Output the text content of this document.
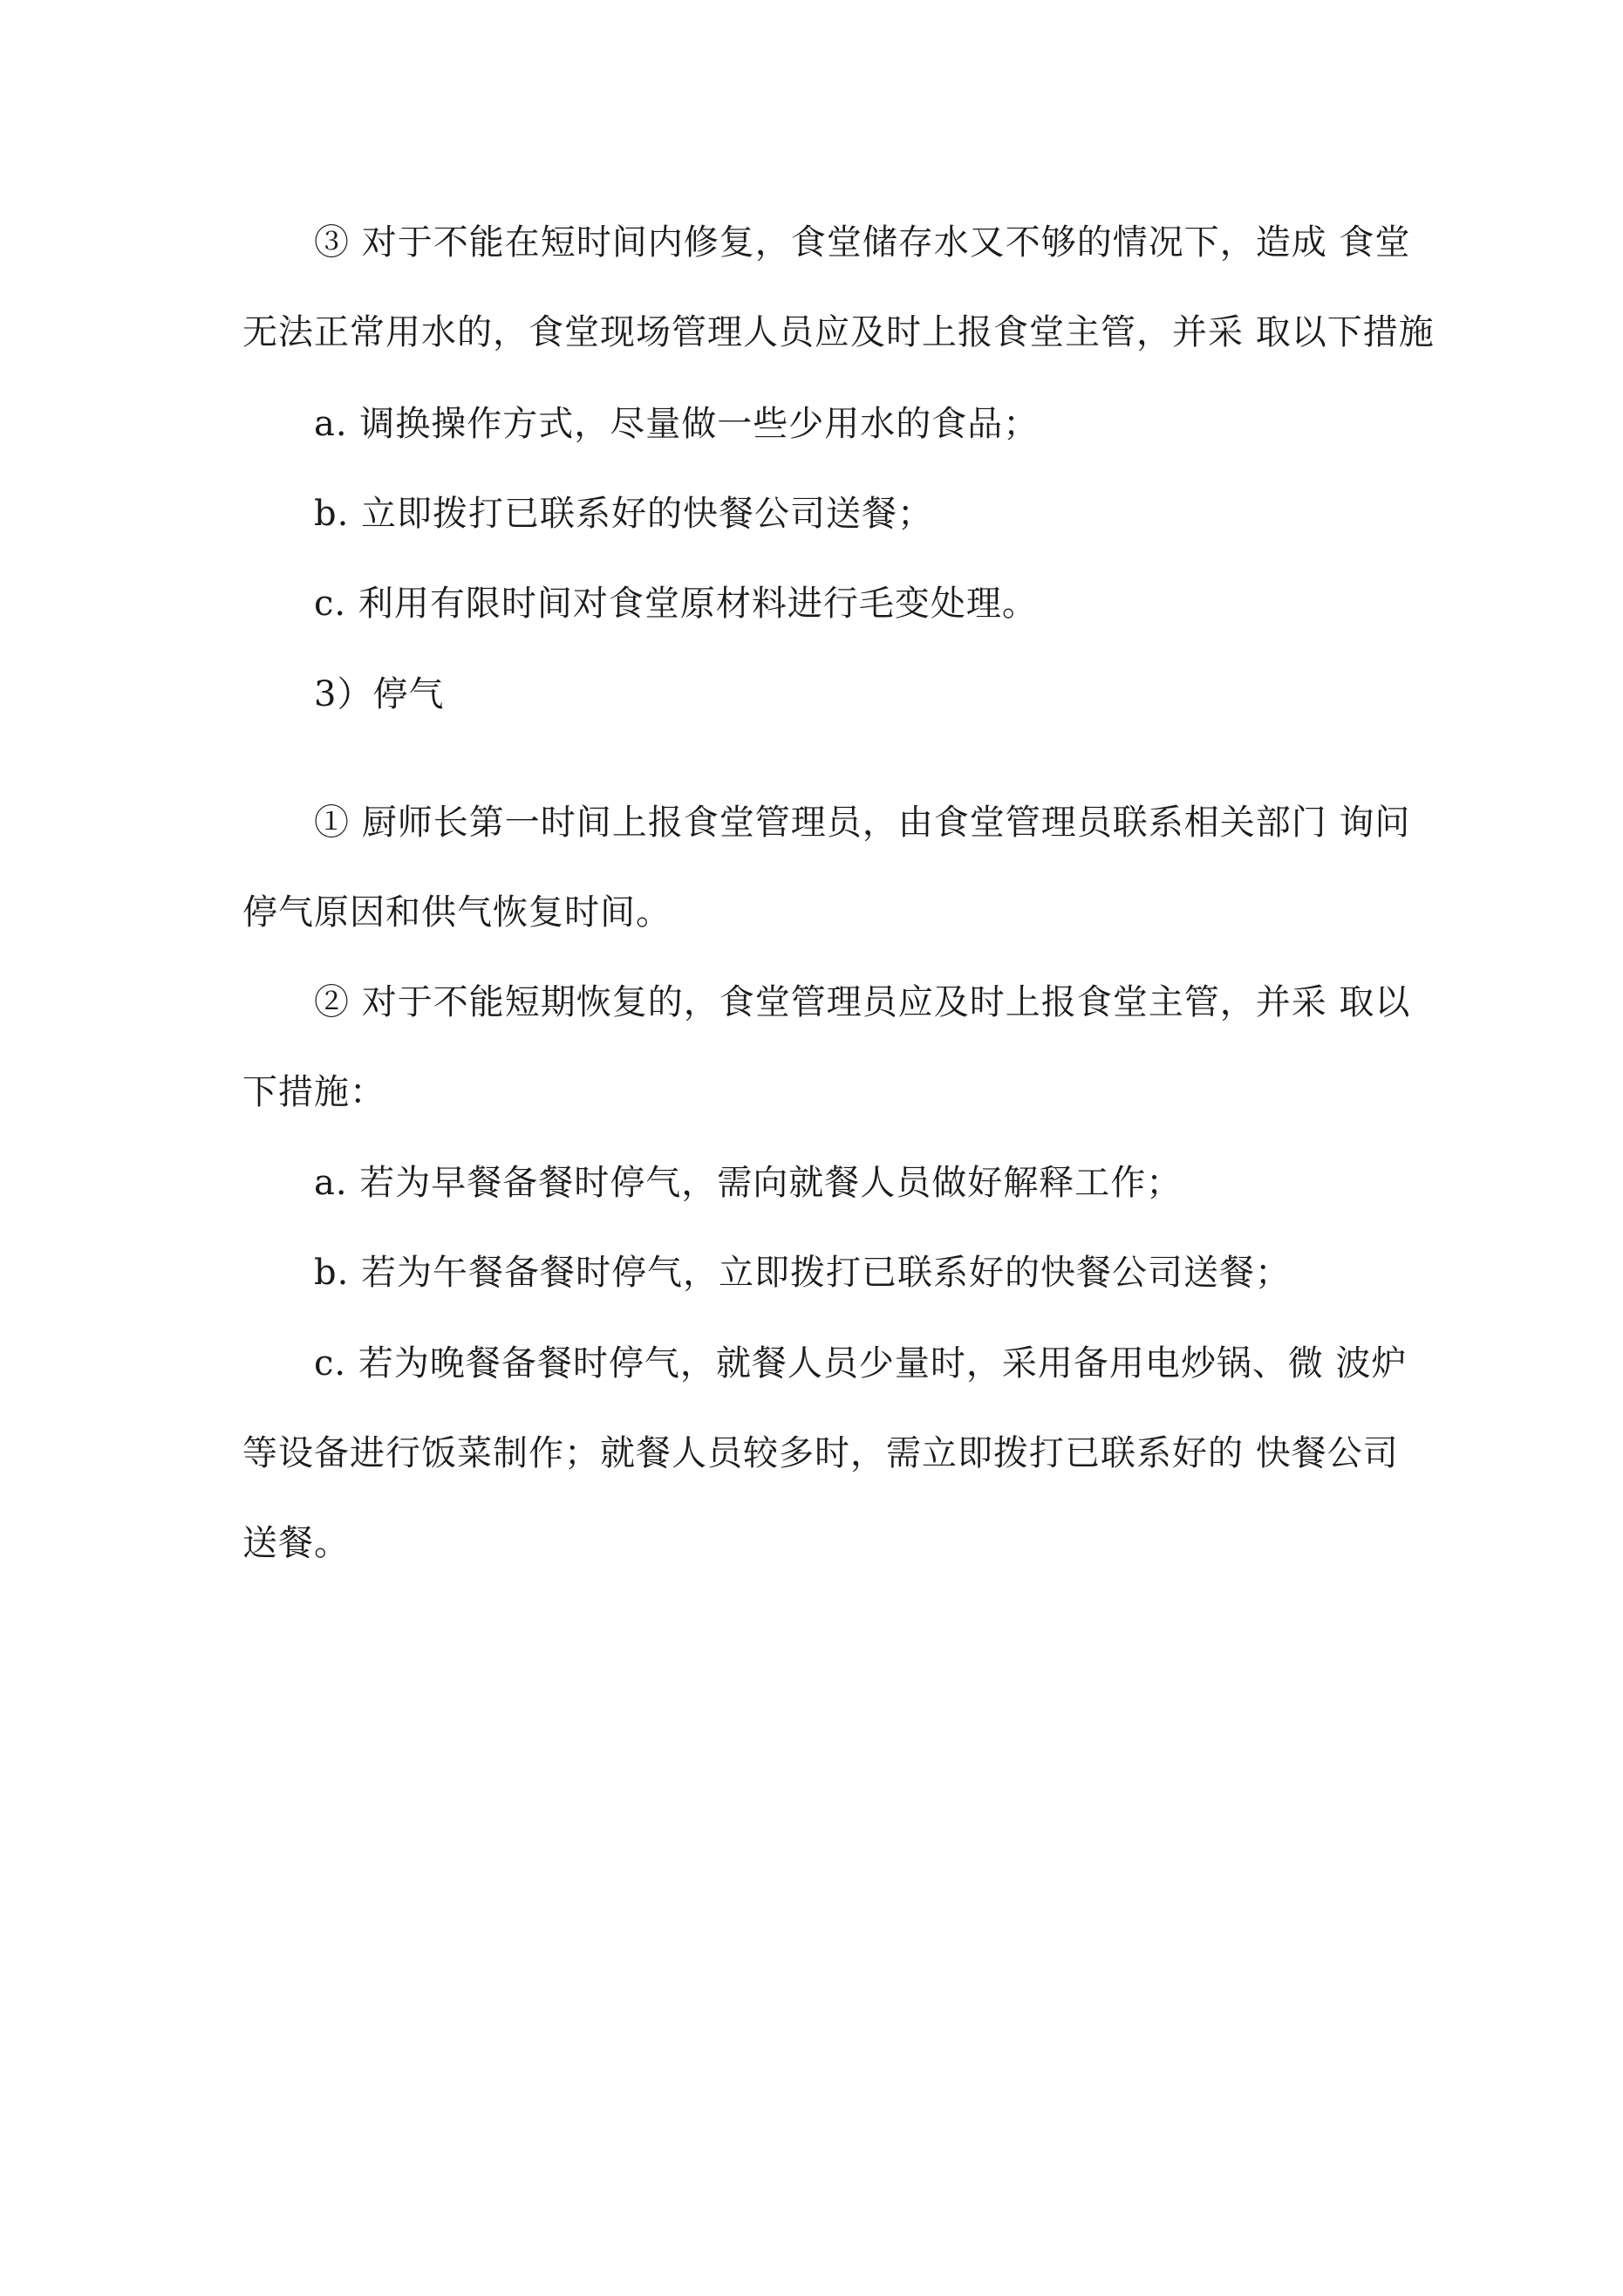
③ 对于不能在短时间内修复，食堂储存水又不够的情况下，造成 食堂
无法正常用水的，食堂现场管理人员应及时上报食堂主管，并采 取以下措施
a. 调换操作方式，尽量做一些少用水的食品；
b. 立即拨打已联系好的快餐公司送餐；
c. 利用有限时间对食堂原材料进行毛变处理。
3）停气
① 厨师长第一时间上报食堂管理员，由食堂管理员联系相关部门 询问
停气原因和供气恢复时间。
② 对于不能短期恢复的，食堂管理员应及时上报食堂主管，并采 取以
下措施：
a. 若为早餐备餐时停气，需向就餐人员做好解释工作；
b. 若为午餐备餐时停气，立即拨打已联系好的快餐公司送餐；
c. 若为晚餐备餐时停气，就餐人员少量时，采用备用电炒锅、微 波炉
等设备进行饭菜制作；就餐人员较多时，需立即拨打已联系好的 快餐公司
送餐。
